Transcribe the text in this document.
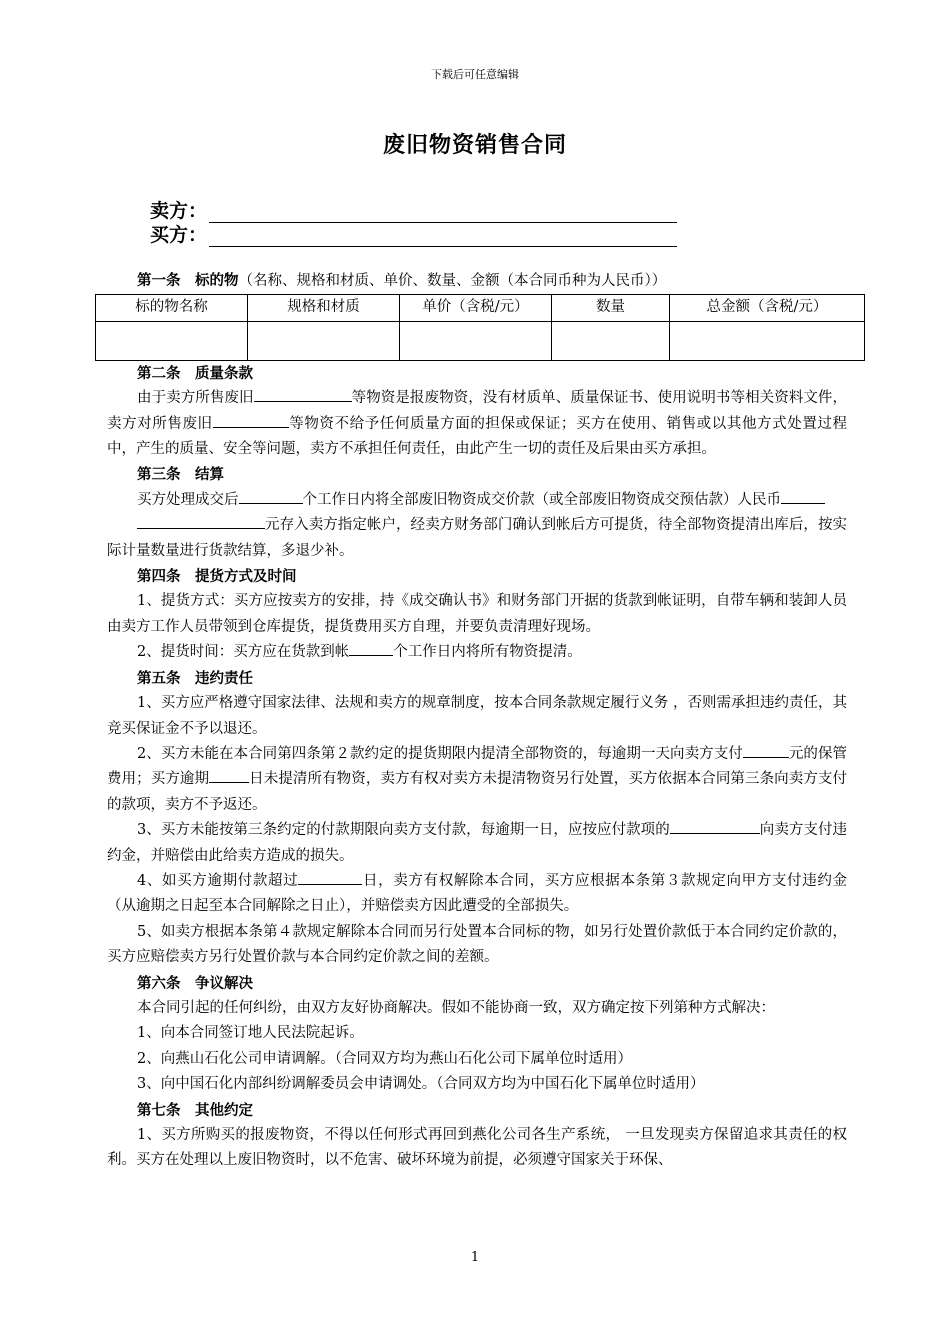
下载后可任意编辑
废旧物资销售合同
卖方：
买方：

第一条　标的物（名称、规格和材质、单价、数量、金额（本合同币种为人民币））

标的物名称	规格和材质	单价（含税/元）	数量	总金额（含税/元）

第二条　质量条款

由于卖方所售废旧	等物资是报废物资，没有材质单、质量保证书、使用说明书等相关资料文件，卖方对所售废旧	等物资不给予任何质量方面的担保或保证；买方在使用、销售或以其他方式处置过程中，产生的质量、安全等问题，卖方不承担任何责任，由此产生一切的责任及后果由买方承担。

第三条　结算

买方处理成交后	个工作日内将全部废旧物资成交价款（或全部废旧物资成交预估款）人民币

元存入卖方指定帐户，经卖方财务部门确认到帐后方可提货，待全部物资提清出库后，按实际计量数量进行货款结算，多退少补。

第四条　提货方式及时间

1、提货方式：买方应按卖方的安排，持《成交确认书》和财务部门开据的货款到帐证明，自带车辆和装卸人员由卖方工作人员带领到仓库提货，提货费用买方自理，并要负责清理好现场。

2、提货时间：买方应在货款到帐	个工作日内将所有物资提清。

第五条　违约责任

1、买方应严格遵守国家法律、法规和卖方的规章制度，按本合同条款规定履行义务 ，否则需承担违约责任，其竞买保证金不予以退还。

2、买方未能在本合同第四条第２款约定的提货期限内提清全部物资的，每逾期一天向卖方支付	元的保管费用；买方逾期	日未提清所有物资，卖方有权对卖方未提清物资另行处置，买方依据本合同第三条向卖方支付的款项，卖方不予返还。

3、买方未能按第三条约定的付款期限向卖方支付款，每逾期一日，应按应付款项的	向卖方支付违约金，并赔偿由此给卖方造成的损失。

4、如买方逾期付款超过	日，卖方有权解除本合同，买方应根据本条第３款规定向甲方支付违约金（从逾期之日起至本合同解除之日止），并赔偿卖方因此遭受的全部损失。

5、如卖方根据本条第４款规定解除本合同而另行处置本合同标的物，如另行处置价款低于本合同约定价款的，买方应赔偿卖方另行处置价款与本合同约定价款之间的差额。

第六条　争议解决

本合同引起的任何纠纷，由双方友好协商解决。假如不能协商一致，双方确定按下列第种方式解决：

1、向本合同签订地人民法院起诉。

2、向燕山石化公司申请调解。（合同双方均为燕山石化公司下属单位时适用）

3、向中国石化内部纠纷调解委员会申请调处。（合同双方均为中国石化下属单位时适用）

第七条　其他约定

1、买方所购买的报废物资，不得以任何形式再回到燕化公司各生产系统， 一旦发现卖方保留追求其责任的权利。买方在处理以上废旧物资时，以不危害、破坏环境为前提，必须遵守国家关于环保、

1
